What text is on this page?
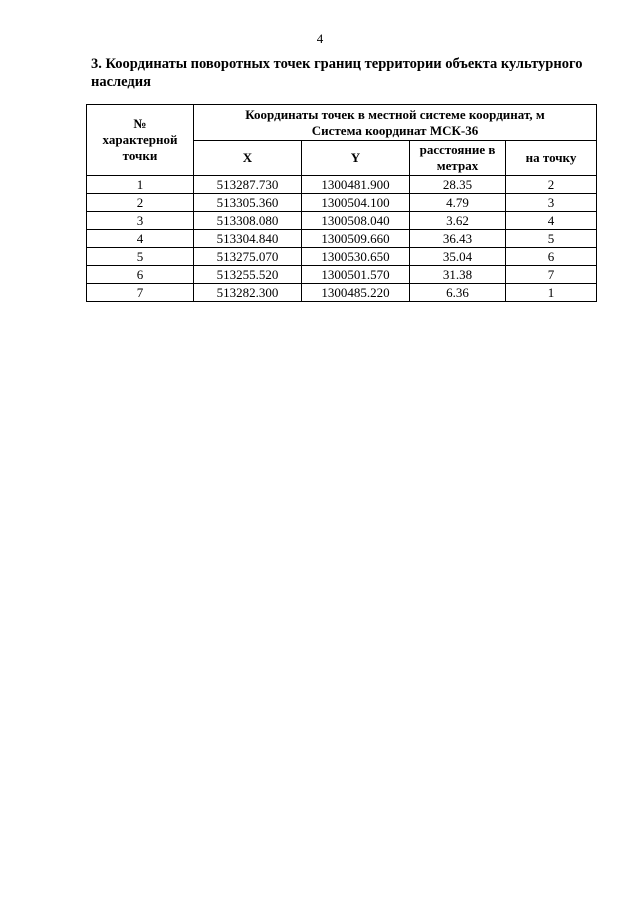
4

3. Координаты поворотных точек границ территории объекта культурного наследия

№
характерной точки	Координаты точек в местной системе координат, м
Система координат МСК-36			
	X	Y	расстояние в метрах	на точку
1	513287.730	1300481.900	28.35	2
2	513305.360	1300504.100	4.79	3
3	513308.080	1300508.040	3.62	4
4	513304.840	1300509.660	36.43	5
5	513275.070	1300530.650	35.04	6
6	513255.520	1300501.570	31.38	7
7	513282.300	1300485.220	6.36	1
